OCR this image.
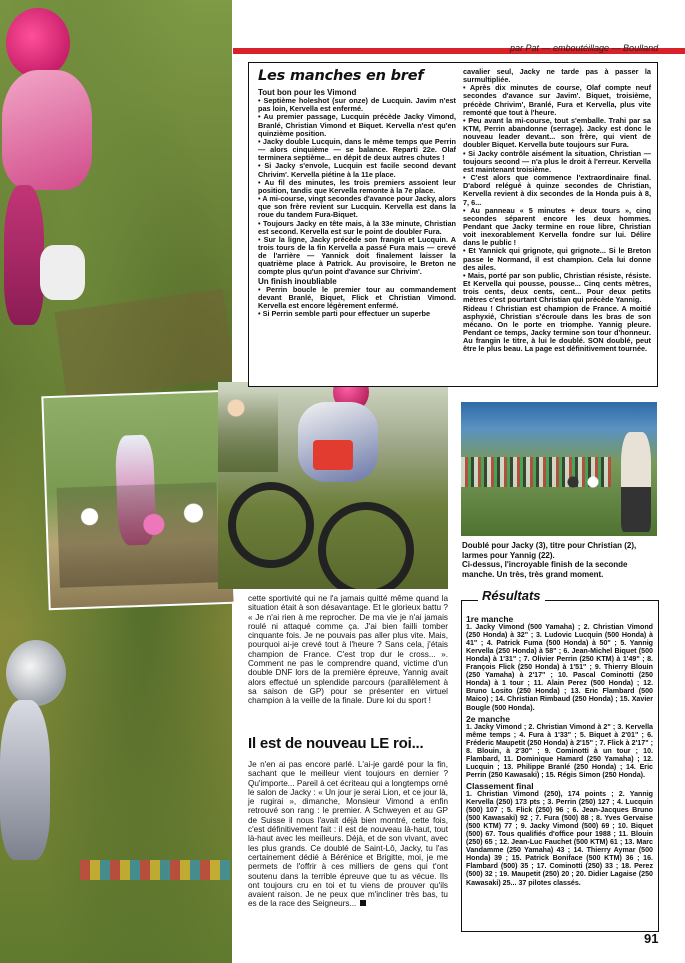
par Pat — emboutéillage — Boulland
Les manches en bref

Tout bon pour les Vimond

• Septième holeshot (sur onze) de Lucquin. Javim n'est pas loin, Kervella est enfermé.

• Au premier passage, Lucquin précède Jacky Vimond, Branlé, Christian Vimond et Biquet. Kervella n'est qu'en quinzième position.

• Jacky double Lucquin, dans le même temps que Perrin — alors cinquième — se balance. Reparti 22e. Olaf terminera septième... en dépit de deux autres chutes !

• Si Jacky s'envole, Lucquin est facile second devant Chrivim'. Kervella piétine à la 11e place.

• Au fil des minutes, les trois premiers assoient leur position, tandis que Kervella remonte à la 7e place.

• A mi-course, vingt secondes d'avance pour Jacky, alors que son frère revient sur Lucquin. Kervella est dans la roue du tandem Fura-Biquet.

• Toujours Jacky en tête mais, à la 33e minute, Christian est second. Kervella est sur le point de doubler Fura.

• Sur la ligne, Jacky précède son frangin et Lucquin. A trois tours de la fin Kervella a passé Fura mais — crevé de l'arrière — Yannick doit finalement laisser la quatrième place à Patrick. Au provisoire, le Breton ne compte plus qu'un point d'avance sur Chrivim'.

Un finish inoubliable

• Perrin boucle le premier tour au commandement devant Branlé, Biquet, Flick et Christian Vimond. Kervella est encore légèrement enfermé.

• Si Perrin semble parti pour effectuer un superbe

cavalier seul, Jacky ne tarde pas à passer la surmultipliée.

• Après dix minutes de course, Olaf compte neuf secondes d'avance sur Javim'. Biquet, troisième, précède Chrivim', Branlé, Fura et Kervella, plus vite remonté que tout à l'heure.

• Peu avant la mi-course, tout s'emballe. Trahi par sa KTM, Perrin abandonne (serrage). Jacky est donc le nouveau leader devant... son frère, qui vient de doubler Biquet. Kervella bute toujours sur Fura.

• Si Jacky contrôle aisément la situation, Christian — toujours second — n'a plus le droit à l'erreur. Kervella est maintenant troisième.

• C'est alors que commence l'extraordinaire final. D'abord relégué à quinze secondes de Christian, Kervella revient à dix secondes de la Honda puis à 8, 7, 6...

• Au panneau « 5 minutes + deux tours », cinq secondes séparent encore les deux hommes. Pendant que Jacky termine en roue libre, Christian voit inexorablement Kervella fondre sur lui. Délire dans le public !

• Et Yannick qui grignote, qui grignote... Si le Breton passe le Normand, il est champion. Cela lui donne des ailes.

• Mais, porté par son public, Christian résiste, résiste. Et Kervella qui pousse, pousse... Cinq cents mètres, trois cents, deux cents, cent... Pour deux petits mètres c'est pourtant Christian qui précède Yannig.

Rideau ! Christian est champion de France. A moitié asphyxié, Christian s'écroule dans les bras de son mécano. On le porte en triomphe. Yannig pleure. Pendant ce temps, Jacky termine son tour d'honneur. Au frangin le titre, à lui le doublé. SON doublé, peut être le plus beau. La page est définitivement tournée.

Doublé pour Jacky (3), titre pour Christian (2), larmes pour Yannig (22).
Ci-dessus, l'incroyable finish de la seconde manche. Un très, très grand moment.

cette sportivité qui ne l'a jamais quitté même quand la situation était à son désavantage. Et le glorieux battu ? « Je n'ai rien à me reprocher. De ma vie je n'ai jamais roulé ni attaqué comme ça. J'ai bien failli tomber cinquante fois. Je ne pouvais pas aller plus vite. Mais, pourquoi ai-je crevé tout à l'heure ? Sans cela, j'étais champion de France. C'est trop dur le cross... ». Comment ne pas le comprendre quand, victime d'un double DNF lors de la première épreuve, Yannig avait alors effectué un splendide parcours (parallèlement à sa saison de GP) pour se présenter en virtuel champion à la veille de la finale. Dure loi du sport !

Il est de nouveau LE roi...

Je n'en ai pas encore parlé. L'ai-je gardé pour la fin, sachant que le meilleur vient toujours en dernier ? Qu'importe... Pareil à cet écriteau qui a longtemps orné le salon de Jacky : « Un jour je serai Lion, et ce jour là, je rugirai », dimanche, Monsieur Vimond a enfin retrouvé son rang : le premier. A Schweyen et au GP de Suisse il nous l'avait déjà bien montré, cette fois, c'est définitivement fait : il est de nouveau là-haut, tout là-haut avec les meilleurs. Déjà, et de son vivant, avec les plus grands. Ce doublé de Saint-Lô, Jacky, tu l'as certainement dédié à Bérénice et Brigitte, moi, je me permets de l'offrir à ces milliers de gens qui t'ont soutenu dans la terrible épreuve que tu as vécue. Ils ont toujours cru en toi et tu viens de prouver qu'ils avaient raison. Je ne peux que m'incliner très bas, tu es de la race des Seigneurs...

Résultats

1re manche

1. Jacky Vimond (500 Yamaha) ; 2. Christian Vimond (250 Honda) à 32" ; 3. Ludovic Lucquin (500 Honda) à 41" ; 4. Patrick Fuma (500 Honda) à 50" ; 5. Yannig Kervella (250 Honda) à 58" ; 6. Jean-Michel Biquet (500 Honda) à 1'31" ; 7. Olivier Perrin (250 KTM) à 1'49" ; 8. François Flick (250 Honda) à 1'51" ; 9. Thierry Blouin (250 Yamaha) à 2'17" ; 10. Pascal Cominotti (250 Honda) à 1 tour ; 11. Alain Perez (500 Honda) ; 12. Bruno Losito (250 Honda) ; 13. Eric Flambard (500 Maico) ; 14. Christian Rimbaud (250 Honda) ; 15. Xavier Bougle (500 Honda).

2e manche

1. Jacky Vimond ; 2. Christian Vimond à 2" ; 3. Kervella même temps ; 4. Fura à 1'33" ; 5. Biquet à 2'01" ; 6. Fréderic Maupetit (250 Honda) à 2'15" ; 7. Flick à 2'17" ; 8. Blouin, à 2'30" ; 9. Cominotti à un tour ; 10. Flambard, 11. Dominique Hamard (250 Yamaha) ; 12. Lucquin ; 13. Philippe Branlé (250 Honda) ; 14. Eric Perrin (250 Kawasaki) ; 15. Régis Simon (250 Honda).

Classement final

1. Christian Vimond (250), 174 points ; 2. Yannig Kervella (250) 173 pts ; 3. Perrin (250) 127 ; 4. Lucquin (500) 107 ; 5. Flick (250) 96 ; 6. Jean-Jacques Bruno (500 Kawasaki) 92 ; 7. Fura (500) 88 ; 8. Yves Gervaise (500 KTM) 77 ; 9. Jacky Vimond (500) 69 ; 10. Biquet (500) 67. Tous qualifiés d'office pour 1988 ; 11. Blouin (250) 65 ; 12. Jean-Luc Fauchet (500 KTM) 61 ; 13. Marc Vandamme (250 Yamaha) 43 ; 14. Thierry Aymar (500 Honda) 39 ; 15. Patrick Boniface (500 KTM) 36 ; 16. Flambard (500) 35 ; 17. Cominotti (250) 33 ; 18. Perez (500) 32 ; 19. Maupetit (250) 20 ; 20. Didier Lagaise (250 Kawasaki) 25... 37 pilotes classés.

91
